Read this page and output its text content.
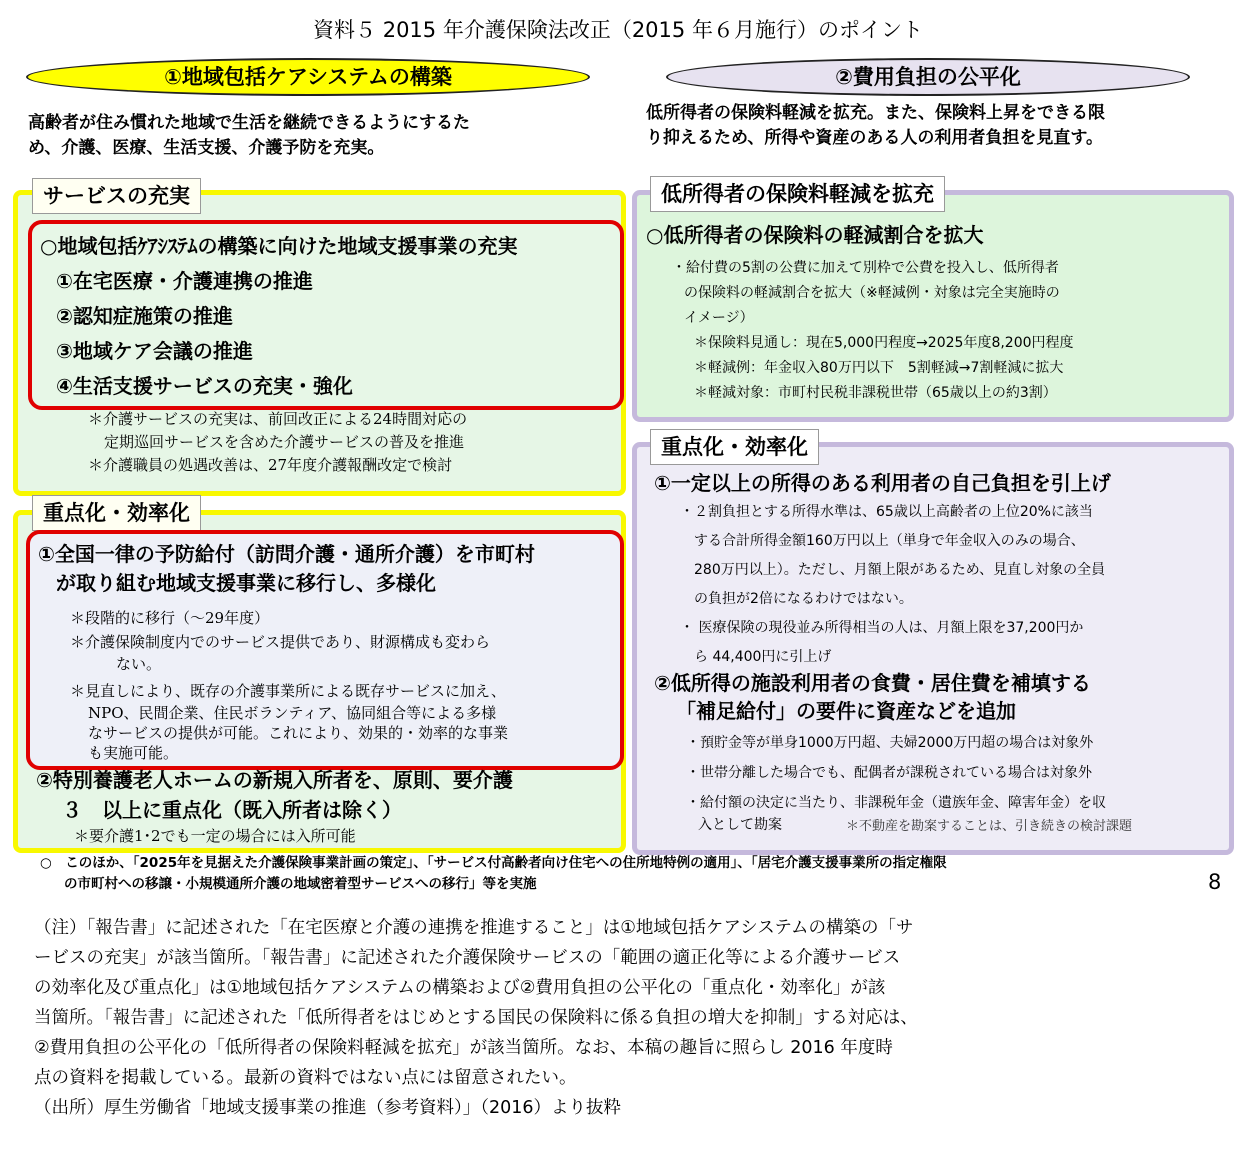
資料５ 2015 年介護保険法改正（2015 年６月施行）のポイント
①地域包括ケアシステムの構築
高齢者が住み慣れた地域で生活を継続できるようにするた
め、介護、医療、生活支援、介護予防を充実。
サービスの充実
○地域包括ｹｱｼｽﾃﾑの構築に向けた地域支援事業の充実
①在宅医療・介護連携の推進
②認知症施策の推進
③地域ケア会議の推進
④生活支援サービスの充実・強化
＊介護サービスの充実は、前回改正による24時間対応の
定期巡回サービスを含めた介護サービスの普及を推進
＊介護職員の処遇改善は、27年度介護報酬改定で検討
重点化・効率化
①全国一律の予防給付（訪問介護・通所介護）を市町村
が取り組む地域支援事業に移行し、多様化
＊段階的に移行（～29年度）
＊介護保険制度内でのサービス提供であり、財源構成も変わら
ない。
＊見直しにより、既存の介護事業所による既存サービスに加え、
NPO、民間企業、住民ボランティア、協同組合等による多様
なサービスの提供が可能。これにより、効果的・効率的な事業
も実施可能。
②特別養護老人ホームの新規入所者を、原則、要介護
３　以上に重点化（既入所者は除く）
＊要介護1･2でも一定の場合には入所可能
②費用負担の公平化
低所得者の保険料軽減を拡充。また、保険料上昇をできる限
り抑えるため、所得や資産のある人の利用者負担を見直す。
低所得者の保険料軽減を拡充
○低所得者の保険料の軽減割合を拡大
・給付費の5割の公費に加えて別枠で公費を投入し、低所得者
の保険料の軽減割合を拡大（※軽減例・対象は完全実施時の
イメージ）
＊保険料見通し：現在5,000円程度→2025年度8,200円程度
＊軽減例：年金収入80万円以下　5割軽減→7割軽減に拡大
＊軽減対象：市町村民税非課税世帯（65歳以上の約3割）
重点化・効率化
①一定以上の所得のある利用者の自己負担を引上げ
・２割負担とする所得水準は、65歳以上高齢者の上位20%に該当
する合計所得金額160万円以上（単身で年金収入のみの場合、
280万円以上）。ただし、月額上限があるため、見直し対象の全員
の負担が2倍になるわけではない。
・ 医療保険の現役並み所得相当の人は、月額上限を37,200円か
ら 44,400円に引上げ
②低所得の施設利用者の食費・居住費を補填する
「補足給付」の要件に資産などを追加
・預貯金等が単身1000万円超、夫婦2000万円超の場合は対象外
・世帯分離した場合でも、配偶者が課税されている場合は対象外
・給付額の決定に当たり、非課税年金（遺族年金、障害年金）を収
入として勘案	＊不動産を勘案することは、引き続きの検討課題
○　このほか、「2025年を見据えた介護保険事業計画の策定」、「サービス付高齢者向け住宅への住所地特例の適用」、「居宅介護支援事業所の指定権限
の市町村への移譲・小規模通所介護の地域密着型サービスへの移行」等を実施	8
（注）「報告書」に記述された「在宅医療と介護の連携を推進すること」は①地域包括ケアシステムの構築の「サ
ービスの充実」が該当箇所。「報告書」に記述された介護保険サービスの「範囲の適正化等による介護サービス
の効率化及び重点化」は①地域包括ケアシステムの構築および②費用負担の公平化の「重点化・効率化」が該
当箇所。「報告書」に記述された「低所得者をはじめとする国民の保険料に係る負担の増大を抑制」する対応は、
②費用負担の公平化の「低所得者の保険料軽減を拡充」が該当箇所。なお、本稿の趣旨に照らし 2016 年度時
点の資料を掲載している。最新の資料ではない点には留意されたい。
（出所）厚生労働省「地域支援事業の推進（参考資料）」（2016）より抜粋
